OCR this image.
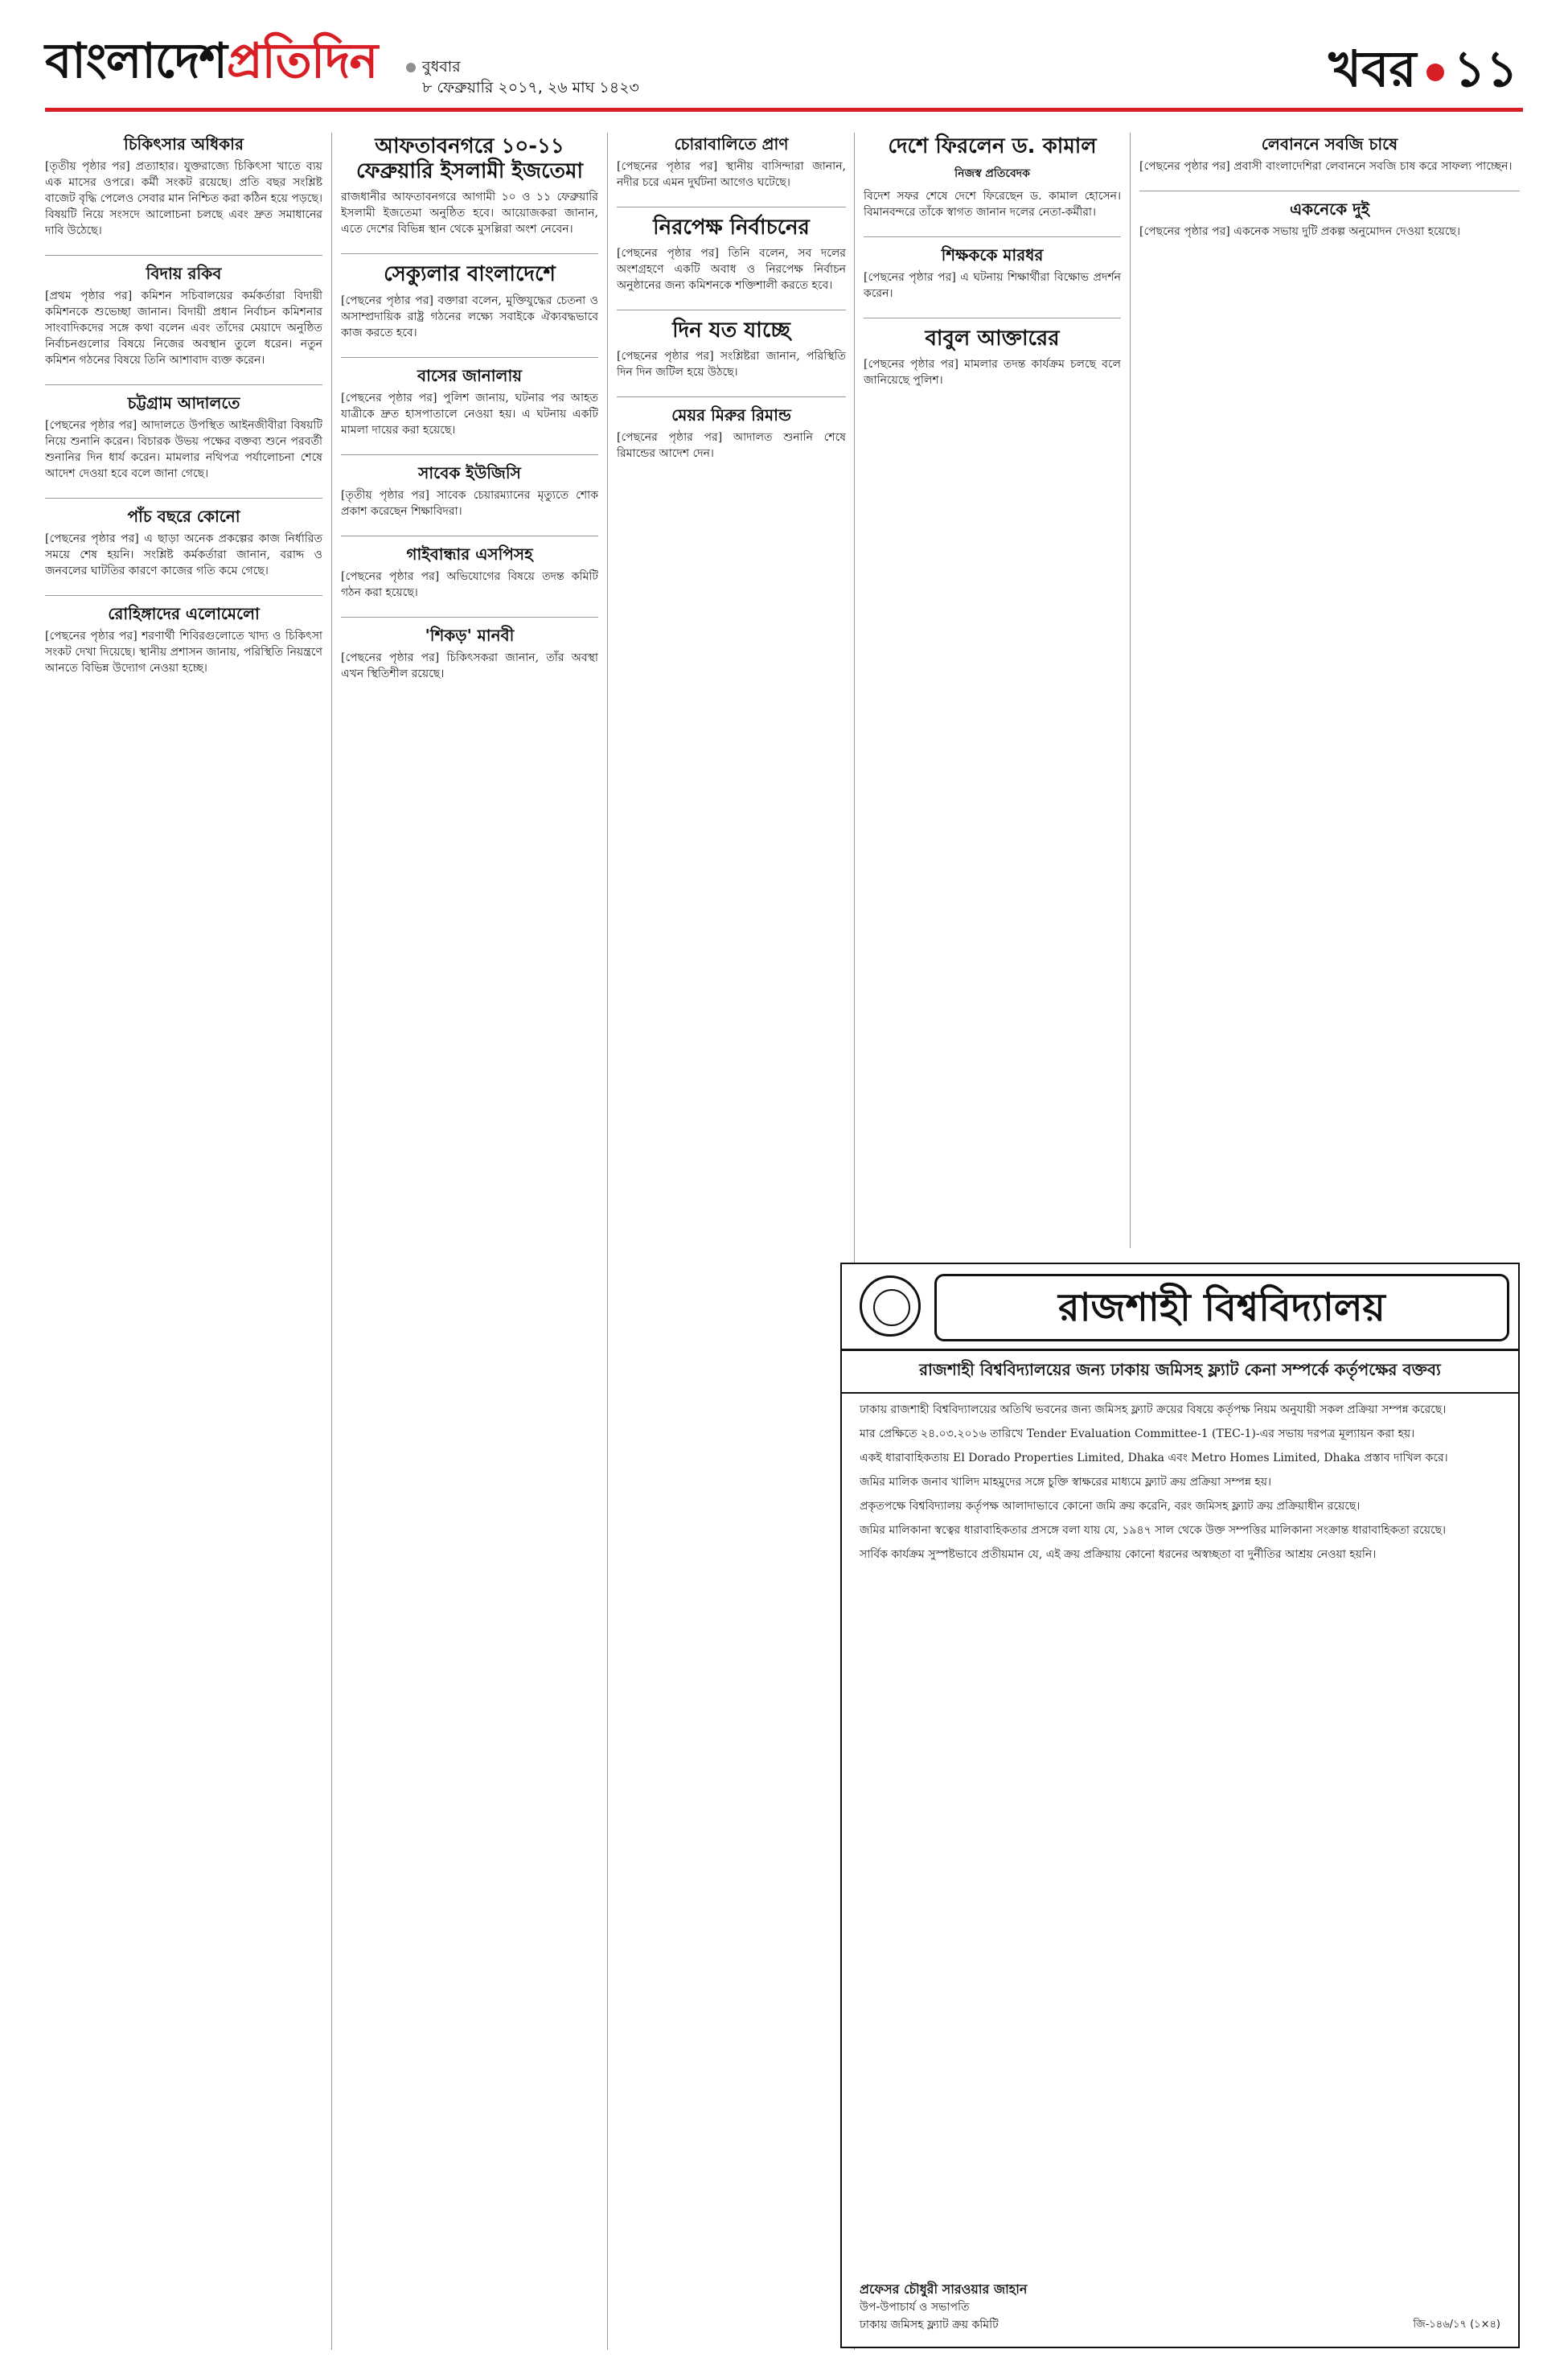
বাংলাদেশপ্রতিদিন	বুধবার
৮ ফেব্রুয়ারি ২০১৭, ২৬ মাঘ ১৪২৩	খবর ১১
চিকিৎসার অধিকার

[তৃতীয় পৃষ্ঠার পর] প্রত্যাহার। যুক্তরাজ্যে চিকিৎসা খাতে ব্যয় এক মাসের ওপরে। কর্মী সংকট রয়েছে। প্রতি বছর সংশ্লিষ্ট বাজেট বৃদ্ধি পেলেও সেবার মান নিশ্চিত করা কঠিন হয়ে পড়ছে। বিষয়টি নিয়ে সংসদে আলোচনা চলছে এবং দ্রুত সমাধানের দাবি উঠেছে।

বিদায় রকিব

[প্রথম পৃষ্ঠার পর] কমিশন সচিবালয়ের কর্মকর্তারা বিদায়ী কমিশনকে শুভেচ্ছা জানান। বিদায়ী প্রধান নির্বাচন কমিশনার সাংবাদিকদের সঙ্গে কথা বলেন এবং তাঁদের মেয়াদে অনুষ্ঠিত নির্বাচনগুলোর বিষয়ে নিজের অবস্থান তুলে ধরেন। নতুন কমিশন গঠনের বিষয়ে তিনি আশাবাদ ব্যক্ত করেন।

চট্টগ্রাম আদালতে

[পেছনের পৃষ্ঠার পর] আদালতে উপস্থিত আইনজীবীরা বিষয়টি নিয়ে শুনানি করেন। বিচারক উভয় পক্ষের বক্তব্য শুনে পরবর্তী শুনানির দিন ধার্য করেন। মামলার নথিপত্র পর্যালোচনা শেষে আদেশ দেওয়া হবে বলে জানা গেছে।

পাঁচ বছরে কোনো

[পেছনের পৃষ্ঠার পর] এ ছাড়া অনেক প্রকল্পের কাজ নির্ধারিত সময়ে শেষ হয়নি। সংশ্লিষ্ট কর্মকর্তারা জানান, বরাদ্দ ও জনবলের ঘাটতির কারণে কাজের গতি কমে গেছে।

রোহিঙ্গাদের এলোমেলো

[পেছনের পৃষ্ঠার পর] শরণার্থী শিবিরগুলোতে খাদ্য ও চিকিৎসা সংকট দেখা দিয়েছে। স্থানীয় প্রশাসন জানায়, পরিস্থিতি নিয়ন্ত্রণে আনতে বিভিন্ন উদ্যোগ নেওয়া হচ্ছে।

আফতাবনগরে ১০-১১ ফেব্রুয়ারি ইসলামী ইজতেমা

রাজধানীর আফতাবনগরে আগামী ১০ ও ১১ ফেব্রুয়ারি ইসলামী ইজতেমা অনুষ্ঠিত হবে। আয়োজকরা জানান, এতে দেশের বিভিন্ন স্থান থেকে মুসল্লিরা অংশ নেবেন।

সেক্যুলার বাংলাদেশে

[পেছনের পৃষ্ঠার পর] বক্তারা বলেন, মুক্তিযুদ্ধের চেতনা ও অসাম্প্রদায়িক রাষ্ট্র গঠনের লক্ষ্যে সবাইকে ঐক্যবদ্ধভাবে কাজ করতে হবে।

বাসের জানালায়

[পেছনের পৃষ্ঠার পর] পুলিশ জানায়, ঘটনার পর আহত যাত্রীকে দ্রুত হাসপাতালে নেওয়া হয়। এ ঘটনায় একটি মামলা দায়ের করা হয়েছে।

সাবেক ইউজিসি

[তৃতীয় পৃষ্ঠার পর] সাবেক চেয়ারম্যানের মৃত্যুতে শোক প্রকাশ করেছেন শিক্ষাবিদরা।

গাইবান্ধার এসপিসহ

[পেছনের পৃষ্ঠার পর] অভিযোগের বিষয়ে তদন্ত কমিটি গঠন করা হয়েছে।

'শিকড়' মানবী

[পেছনের পৃষ্ঠার পর] চিকিৎসকরা জানান, তাঁর অবস্থা এখন স্থিতিশীল রয়েছে।

চোরাবালিতে প্রাণ

[পেছনের পৃষ্ঠার পর] স্থানীয় বাসিন্দারা জানান, নদীর চরে এমন দুর্ঘটনা আগেও ঘটেছে।

নিরপেক্ষ নির্বাচনের

[পেছনের পৃষ্ঠার পর] তিনি বলেন, সব দলের অংশগ্রহণে একটি অবাধ ও নিরপেক্ষ নির্বাচন অনুষ্ঠানের জন্য কমিশনকে শক্তিশালী করতে হবে।

দিন যত যাচ্ছে

[পেছনের পৃষ্ঠার পর] সংশ্লিষ্টরা জানান, পরিস্থিতি দিন দিন জটিল হয়ে উঠছে।

মেয়র মিরুর রিমান্ড

[পেছনের পৃষ্ঠার পর] আদালত শুনানি শেষে রিমান্ডের আদেশ দেন।

দেশে ফিরলেন ড. কামাল
নিজস্ব প্রতিবেদক

বিদেশ সফর শেষে দেশে ফিরেছেন ড. কামাল হোসেন। বিমানবন্দরে তাঁকে স্বাগত জানান দলের নেতা-কর্মীরা।

শিক্ষককে মারধর

[পেছনের পৃষ্ঠার পর] এ ঘটনায় শিক্ষার্থীরা বিক্ষোভ প্রদর্শন করেন।

বাবুল আক্তারের

[পেছনের পৃষ্ঠার পর] মামলার তদন্ত কার্যক্রম চলছে বলে জানিয়েছে পুলিশ।

লেবাননে সবজি চাষে

[পেছনের পৃষ্ঠার পর] প্রবাসী বাংলাদেশিরা লেবাননে সবজি চাষ করে সাফল্য পাচ্ছেন।

একনেকে দুই

[পেছনের পৃষ্ঠার পর] একনেক সভায় দুটি প্রকল্প অনুমোদন দেওয়া হয়েছে।

রাজশাহী বিশ্ববিদ্যালয়
রাজশাহী বিশ্ববিদ্যালয়ের জন্য ঢাকায় জমিসহ ফ্ল্যাট কেনা সম্পর্কে কর্তৃপক্ষের বক্তব্য

ঢাকায় রাজশাহী বিশ্ববিদ্যালয়ের অতিথি ভবনের জন্য জমিসহ ফ্ল্যাট ক্রয়ের বিষয়ে কর্তৃপক্ষ নিয়ম অনুযায়ী সকল প্রক্রিয়া সম্পন্ন করেছে।

মার প্রেক্ষিতে ২৪.০৩.২০১৬ তারিখে Tender Evaluation Committee-1 (TEC-1)-এর সভায় দরপত্র মূল্যায়ন করা হয়।

একই ধারাবাহিকতায় El Dorado Properties Limited, Dhaka এবং Metro Homes Limited, Dhaka প্রস্তাব দাখিল করে।

জমির মালিক জনাব খালিদ মাহমুদের সঙ্গে চুক্তি স্বাক্ষরের মাধ্যমে ফ্ল্যাট ক্রয় প্রক্রিয়া সম্পন্ন হয়।

প্রকৃতপক্ষে বিশ্ববিদ্যালয় কর্তৃপক্ষ আলাদাভাবে কোনো জমি ক্রয় করেনি, বরং জমিসহ ফ্ল্যাট ক্রয় প্রক্রিয়াধীন রয়েছে।

জমির মালিকানা স্বত্বের ধারাবাহিকতার প্রসঙ্গে বলা যায় যে, ১৯৪৭ সাল থেকে উক্ত সম্পত্তির মালিকানা সংক্রান্ত ধারাবাহিকতা রয়েছে।

সার্বিক কার্যক্রম সুস্পষ্টভাবে প্রতীয়মান যে, এই ক্রয় প্রক্রিয়ায় কোনো ধরনের অস্বচ্ছতা বা দুর্নীতির আশ্রয় নেওয়া হয়নি।

প্রফেসর চৌধুরী সারওয়ার জাহান
উপ-উপাচার্য ও সভাপতি
ঢাকায় জমিসহ ফ্ল্যাট ক্রয় কমিটি	জি-১৪৬/১৭ (১×৪)
